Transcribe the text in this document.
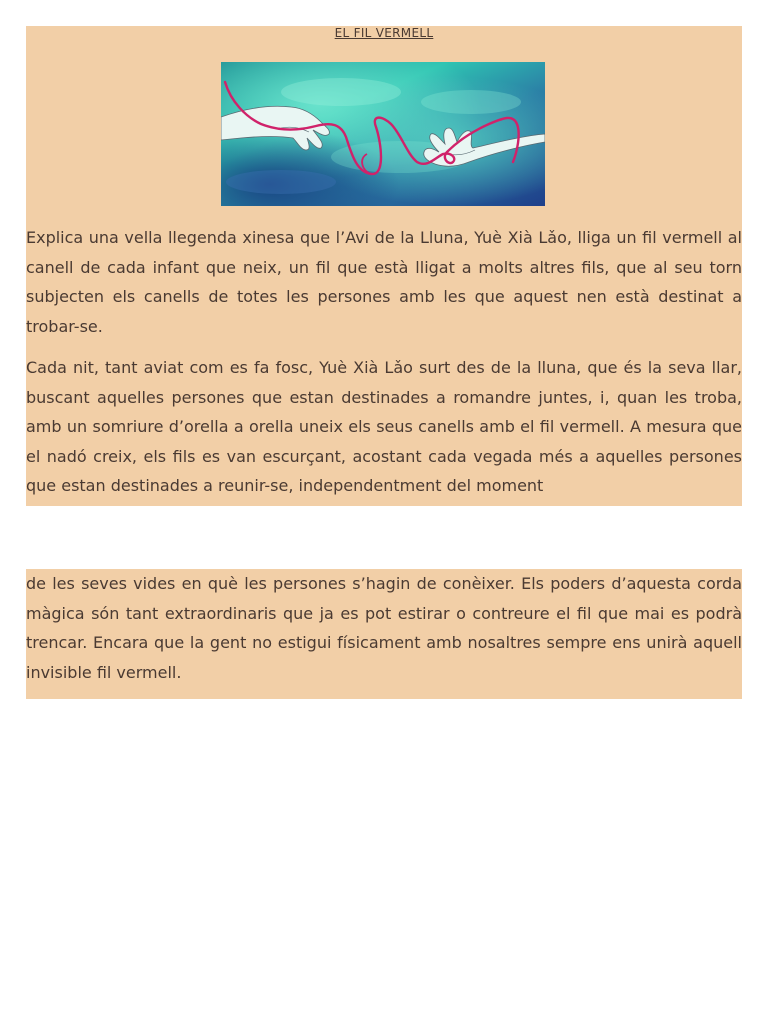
EL FIL VERMELL

Explica una vella llegenda xinesa que l’Avi de la Lluna, Yuè Xià Lǎo, lliga un fil vermell al canell de cada infant que neix, un fil que està lligat a molts altres fils, que al seu torn subjecten els canells de totes les persones amb les que aquest nen està destinat a trobar-se.

Cada nit, tant aviat com es fa fosc, Yuè Xià Lǎo surt des de la lluna, que és la seva llar, buscant aquelles persones que estan destinades a romandre juntes, i, quan les troba, amb un somriure d’orella a orella uneix els seus canells amb el fil vermell. A mesura que el nadó creix, els fils es van escurçant, acostant cada vegada més a aquelles persones que estan destinades a reunir-se, independentment del moment

de les seves vides en què les persones s’hagin de conèixer. Els poders d’aquesta corda màgica són tant extraordinaris que ja es pot estirar o contreure el fil que mai es podrà trencar. Encara que la gent no estigui físicament amb nosaltres sempre ens unirà aquell invisible fil vermell.
